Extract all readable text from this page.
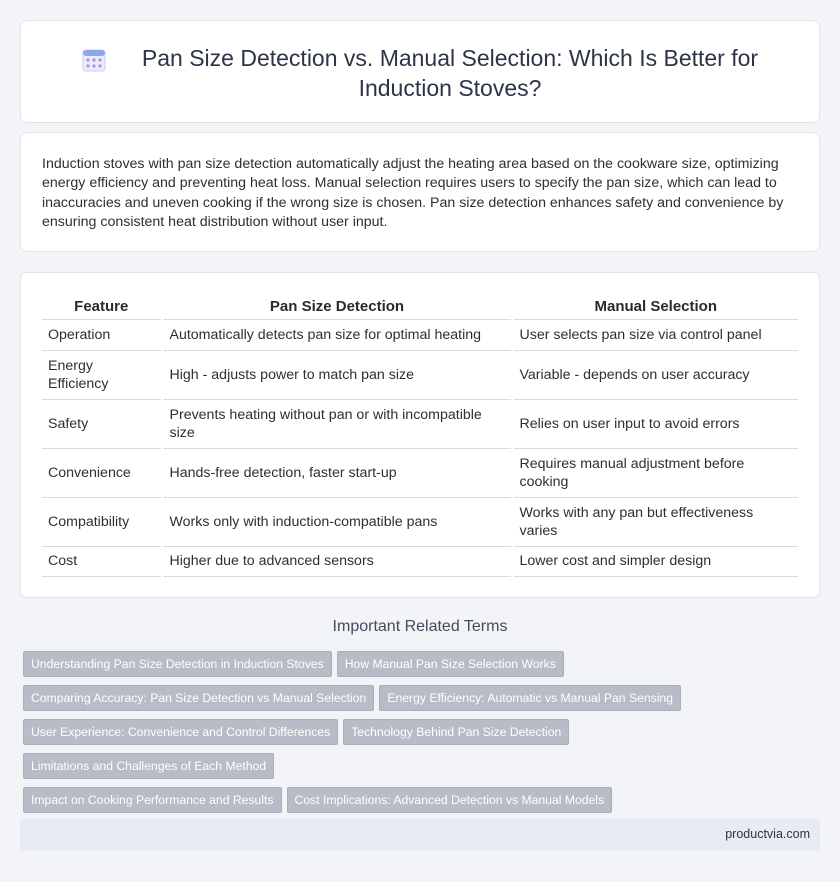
Pan Size Detection vs. Manual Selection: Which Is Better for Induction Stoves?

Induction stoves with pan size detection automatically adjust the heating area based on the cookware size, optimizing energy efficiency and preventing heat loss. Manual selection requires users to specify the pan size, which can lead to inaccuracies and uneven cooking if the wrong size is chosen. Pan size detection enhances safety and convenience by ensuring consistent heat distribution without user input.

Feature	Pan Size Detection	Manual Selection
Operation	Automatically detects pan size for optimal heating	User selects pan size via control panel
Energy Efficiency	High - adjusts power to match pan size	Variable - depends on user accuracy
Safety	Prevents heating without pan or with incompatible size	Relies on user input to avoid errors
Convenience	Hands-free detection, faster start-up	Requires manual adjustment before cooking
Compatibility	Works only with induction-compatible pans	Works with any pan but effectiveness varies
Cost	Higher due to advanced sensors	Lower cost and simpler design
Important Related Terms
Understanding Pan Size Detection in Induction Stoves How Manual Pan Size Selection Works
Comparing Accuracy: Pan Size Detection vs Manual Selection Energy Efficiency: Automatic vs Manual Pan Sensing
User Experience: Convenience and Control Differences Technology Behind Pan Size DetectionLimitations and Challenges of Each Method
Impact on Cooking Performance and Results Cost Implications: Advanced Detection vs Manual Models

productvia.com
